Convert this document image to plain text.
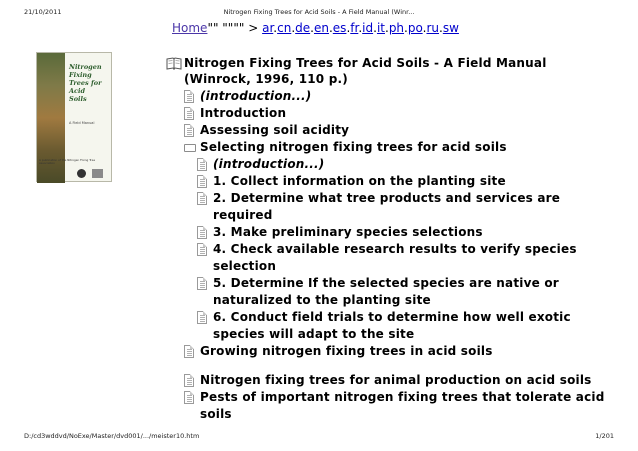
21/10/2011	Nitrogen Fixing Trees for Acid Soils - A Field Manual (Winr...
Home"" """" > ar.cn.de.en.es.fr.id.it.ph.po.ru.sw
Nitrogen
Fixing
Trees for
Acid
Soils
A Field Manual
A publication of the Nitrogen Fixing Tree Association
Nitrogen Fixing Trees for Acid Soils - A Field Manual
(Winrock, 1996, 110 p.)
(introduction...)
Introduction
Assessing soil acidity
Selecting nitrogen fixing trees for acid soils
(introduction...)
1. Collect information on the planting site
2. Determine what tree products and services are
required
3. Make preliminary species selections
4. Check available research results to verify species
selection
5. Determine If the selected species are native or
naturalized to the planting site
6. Conduct field trials to determine how well exotic
species will adapt to the site
Growing nitrogen fixing trees in acid soils
Nitrogen fixing trees for animal production on acid soils
Pests of important nitrogen fixing trees that tolerate acid
soils
D:/cd3wddvd/NoExe/Master/dvd001/.../meister10.htm	1/201
